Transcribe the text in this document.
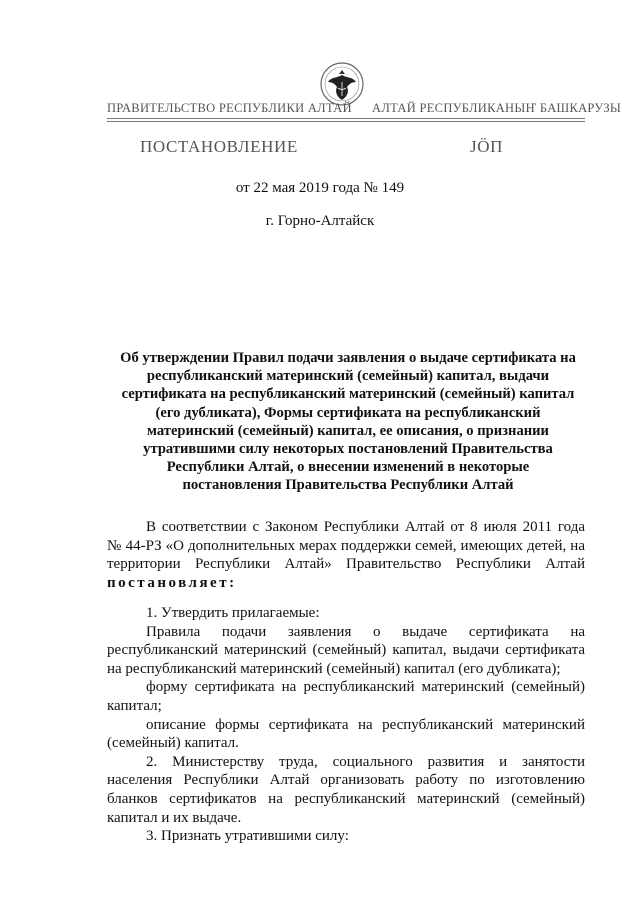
ПРАВИТЕЛЬСТВО РЕСПУБЛИКИ АЛТАЙ АЛТАЙ РЕСПУБЛИКАНЫҤ БАШКАРУЗЫ
ПОСТАНОВЛЕНИЕ	ЈӦП
от 22 мая 2019 года № 149
г. Горно-Алтайск
Об утверждении Правил подачи заявления о выдаче сертификата на
республиканский материнский (семейный) капитал, выдачи
сертификата на республиканский материнский (семейный) капитал
(его дубликата), Формы сертификата на республиканский
материнский (семейный) капитал, ее описания, о признании
утратившими силу некоторых постановлений Правительства
Республики Алтай, о внесении изменений в некоторые
постановления Правительства Республики Алтай
В соответствии с Законом Республики Алтай от 8 июля 2011 года
№ 44-РЗ «О дополнительных мерах поддержки семей, имеющих детей, на
территории Республики Алтай» Правительство Республики Алтай
постановляет:
1. Утвердить прилагаемые:
Правила подачи заявления о выдаче сертификата на
республиканский материнский (семейный) капитал, выдачи сертификата
на республиканский материнский (семейный) капитал (его дубликата);
форму сертификата на республиканский материнский (семейный)
капитал;
описание формы сертификата на республиканский материнский
(семейный) капитал.
2. Министерству труда, социального развития и занятости
населения Республики Алтай организовать работу по изготовлению
бланков сертификатов на республиканский материнский (семейный)
капитал и их выдаче.
3. Признать утратившими силу:
